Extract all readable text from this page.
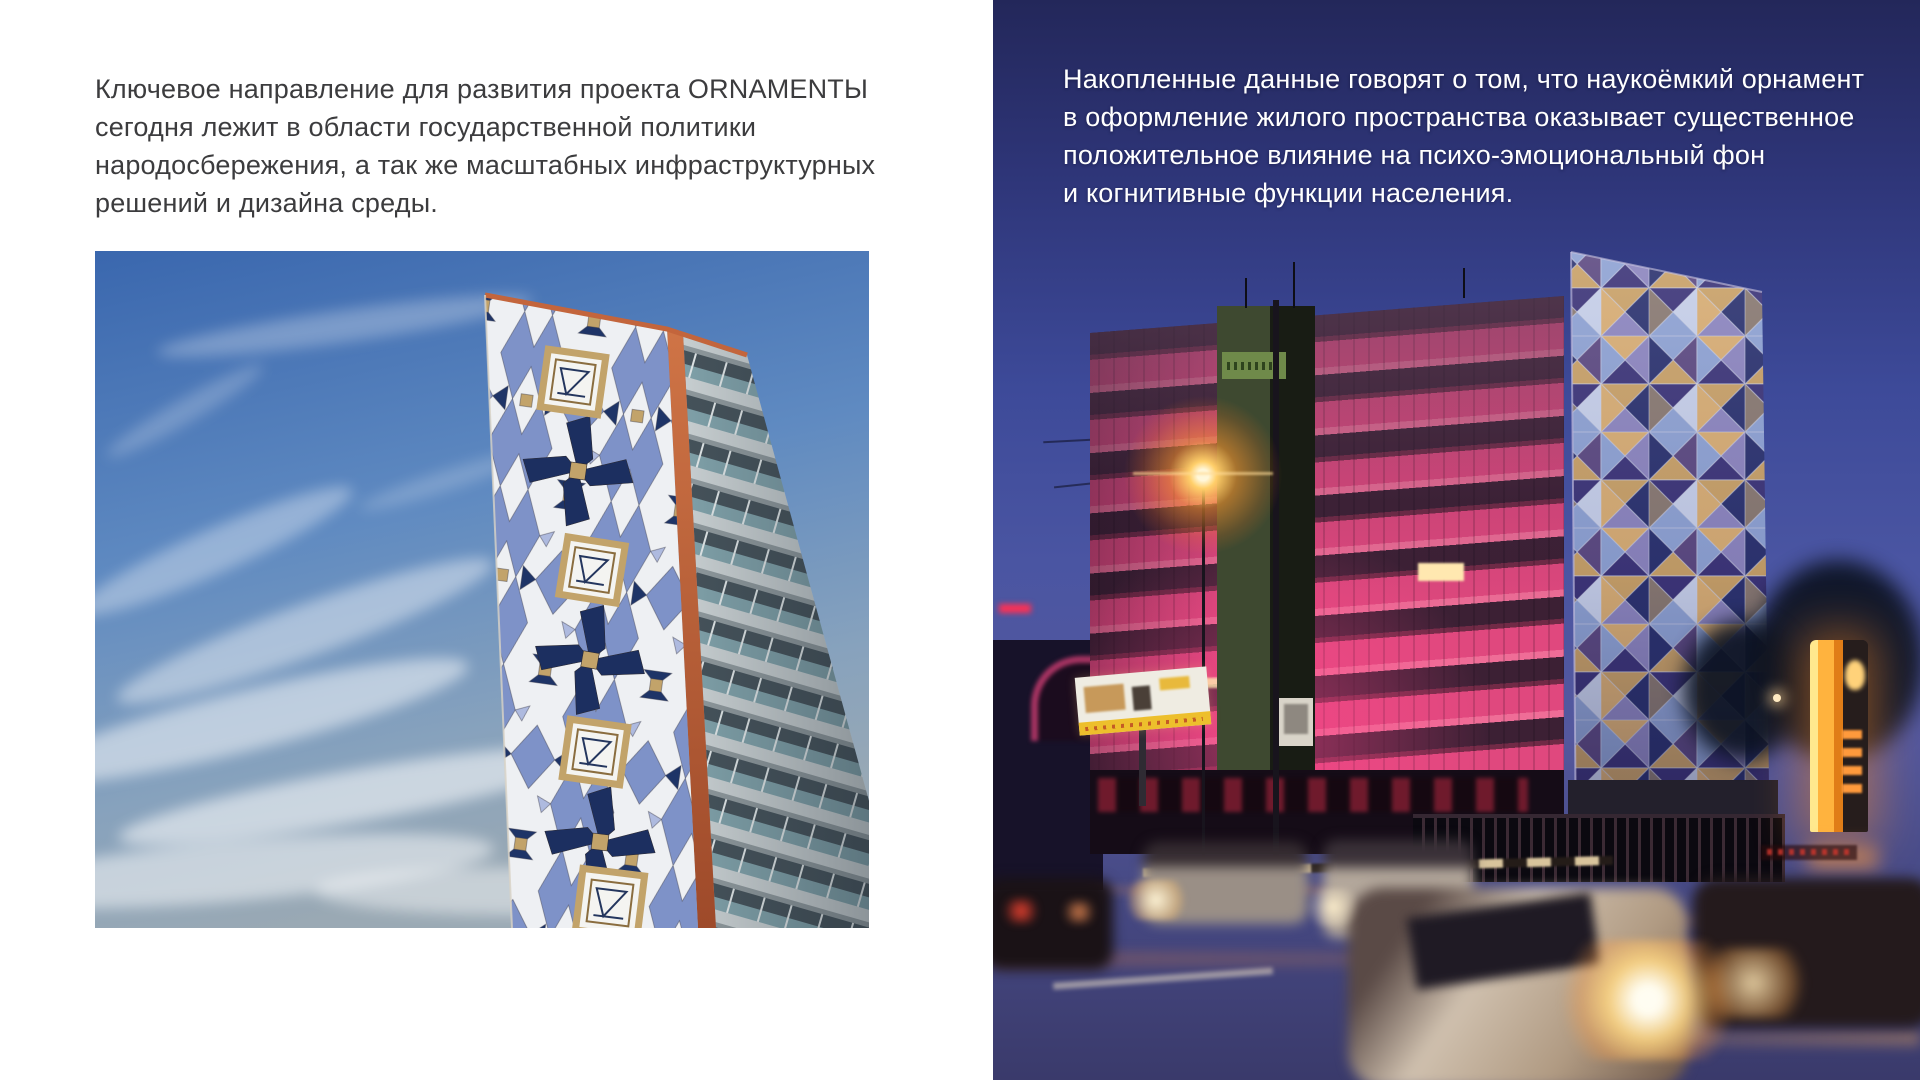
Ключевое направление для развития проекта ORNAMENTЫ
сегодня лежит в области государственной политики
народосбережения, а так же масштабных инфраструктурных
решений и дизайна среды.
Накопленные данные говорят о том, что наукоёмкий орнамент
в оформление жилого пространства оказывает существенное
положительное влияние на психо-эмоциональный фон
и когнитивные функции населения.
